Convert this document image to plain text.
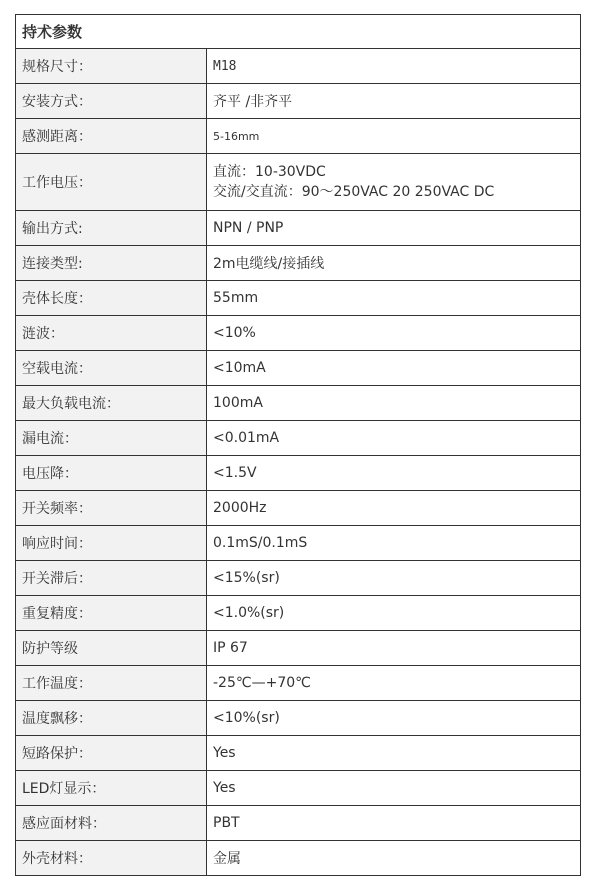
持术参数	
规格尺寸：	M18
安装方式：	齐平 /非齐平
感测距离：	5-16mm
工作电压：	直流：10-30VDC
交流/交直流：90～250VAC 20 250VAC DC

输出方式:	NPN / PNP
连接类型:	2m电缆线/接插线
壳体长度：	55mm
涟波：	<10%
空载电流：	<10mA
最大负载电流：	100mA
漏电流：	<0.01mA
电压降：	<1.5V
开关频率：	2000Hz
响应时间：	0.1mS/0.1mS
开关滞后：	<15%(sr)
重复精度：	<1.0%(sr)
防护等级	IP 67
工作温度：	-25℃—+70℃
温度飘移：	<10%(sr)
短路保护：	Yes
LED灯显示：	Yes
感应面材料：	PBT
外壳材料：	金属
